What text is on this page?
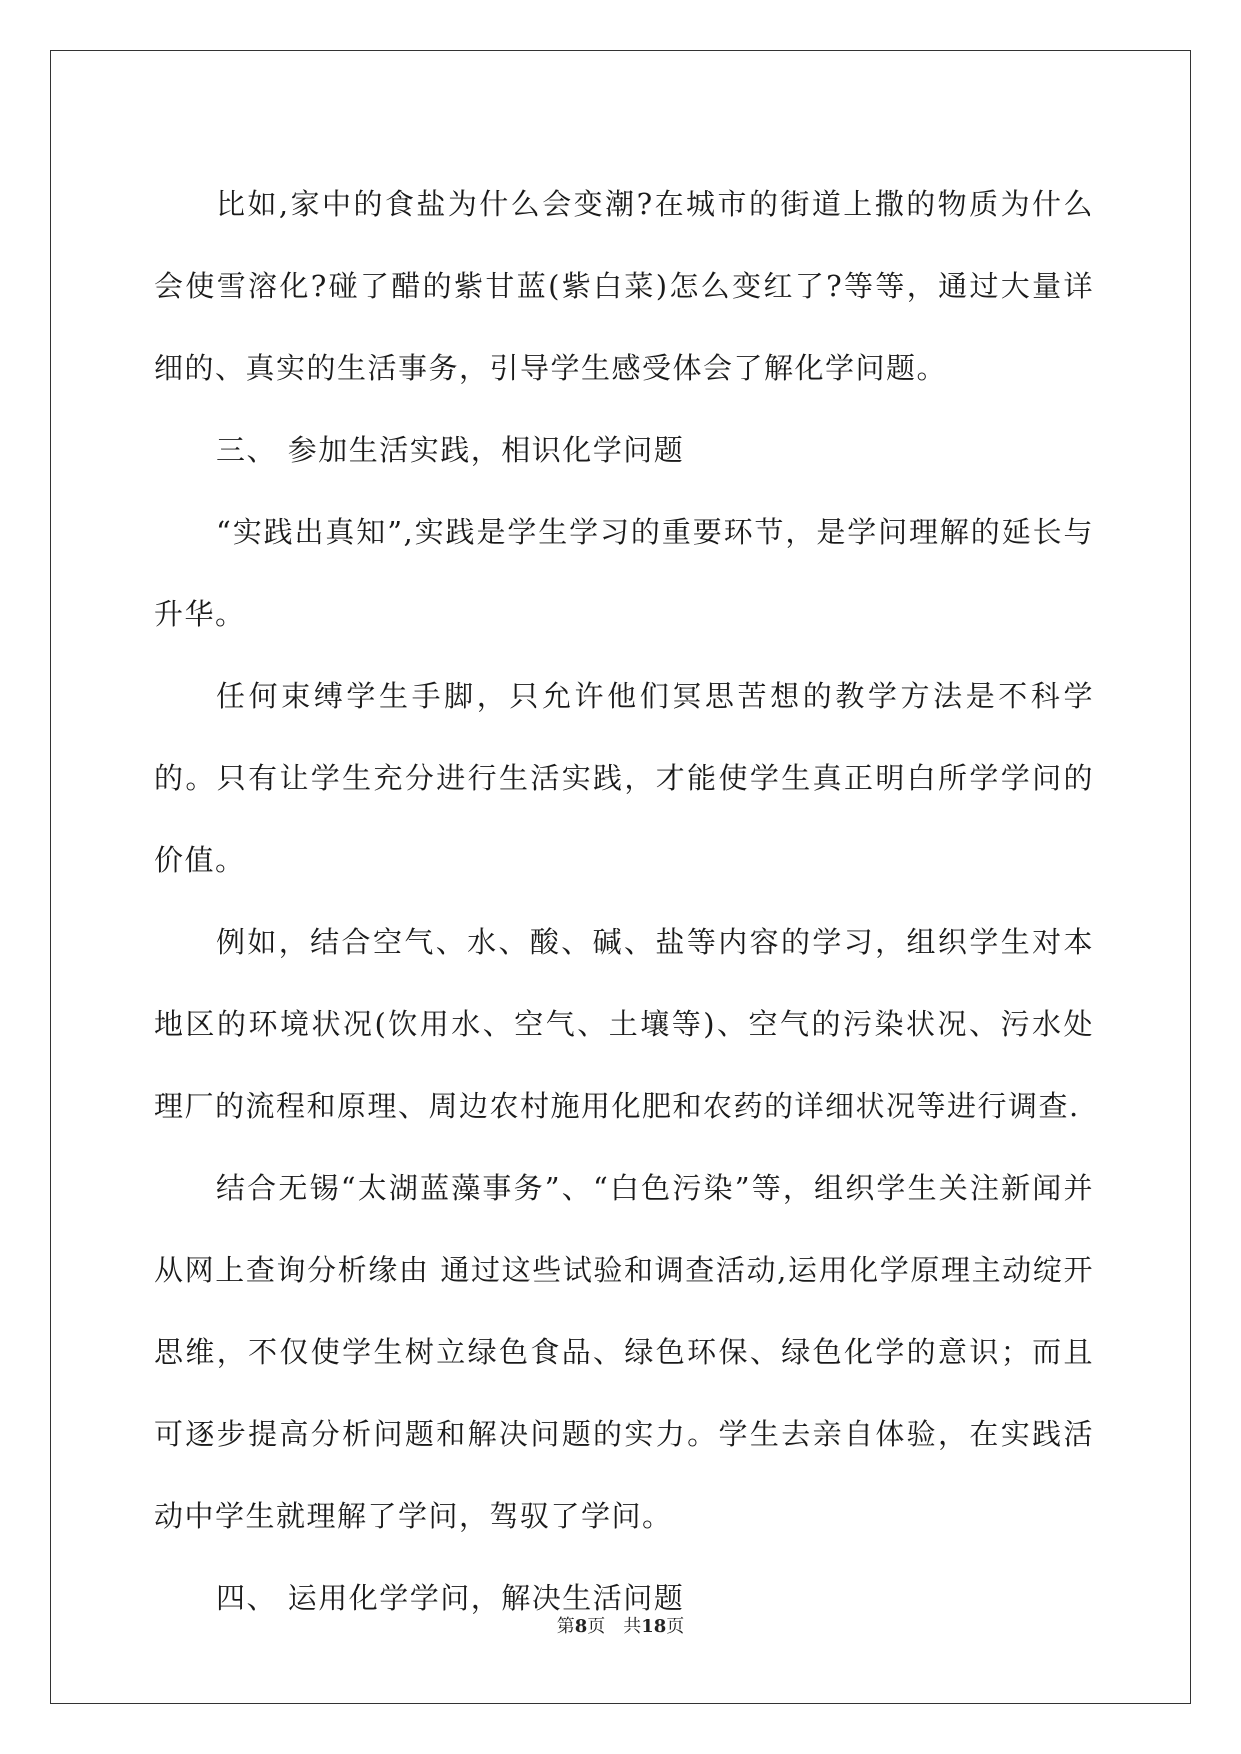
比如,家中的食盐为什么会变潮?在城市的街道上撒的物质为什么会使雪溶化?碰了醋的紫甘蓝(紫白菜)怎么变红了?等等，通过大量详细的、真实的生活事务，引导学生感受体会了解化学问题。

三、 参加生活实践，相识化学问题

“实践出真知”,实践是学生学习的重要环节，是学问理解的延长与升华。

任何束缚学生手脚，只允许他们冥思苦想的教学方法是不科学的。只有让学生充分进行生活实践，才能使学生真正明白所学学问的价值。

例如，结合空气、水、酸、碱、盐等内容的学习，组织学生对本地区的环境状况(饮用水、空气、土壤等)、空气的污染状况、污水处理厂的流程和原理、周边农村施用化肥和农药的详细状况等进行调查.

结合无锡“太湖蓝藻事务”、“白色污染”等，组织学生关注新闻并从网上查询分析缘由 通过这些试验和调查活动,运用化学原理主动绽开思维，不仅使学生树立绿色食品、绿色环保、绿色化学的意识；而且可逐步提高分析问题和解决问题的实力。学生去亲自体验，在实践活动中学生就理解了学问，驾驭了学问。

四、 运用化学学问，解决生活问题

第8页　共18页
